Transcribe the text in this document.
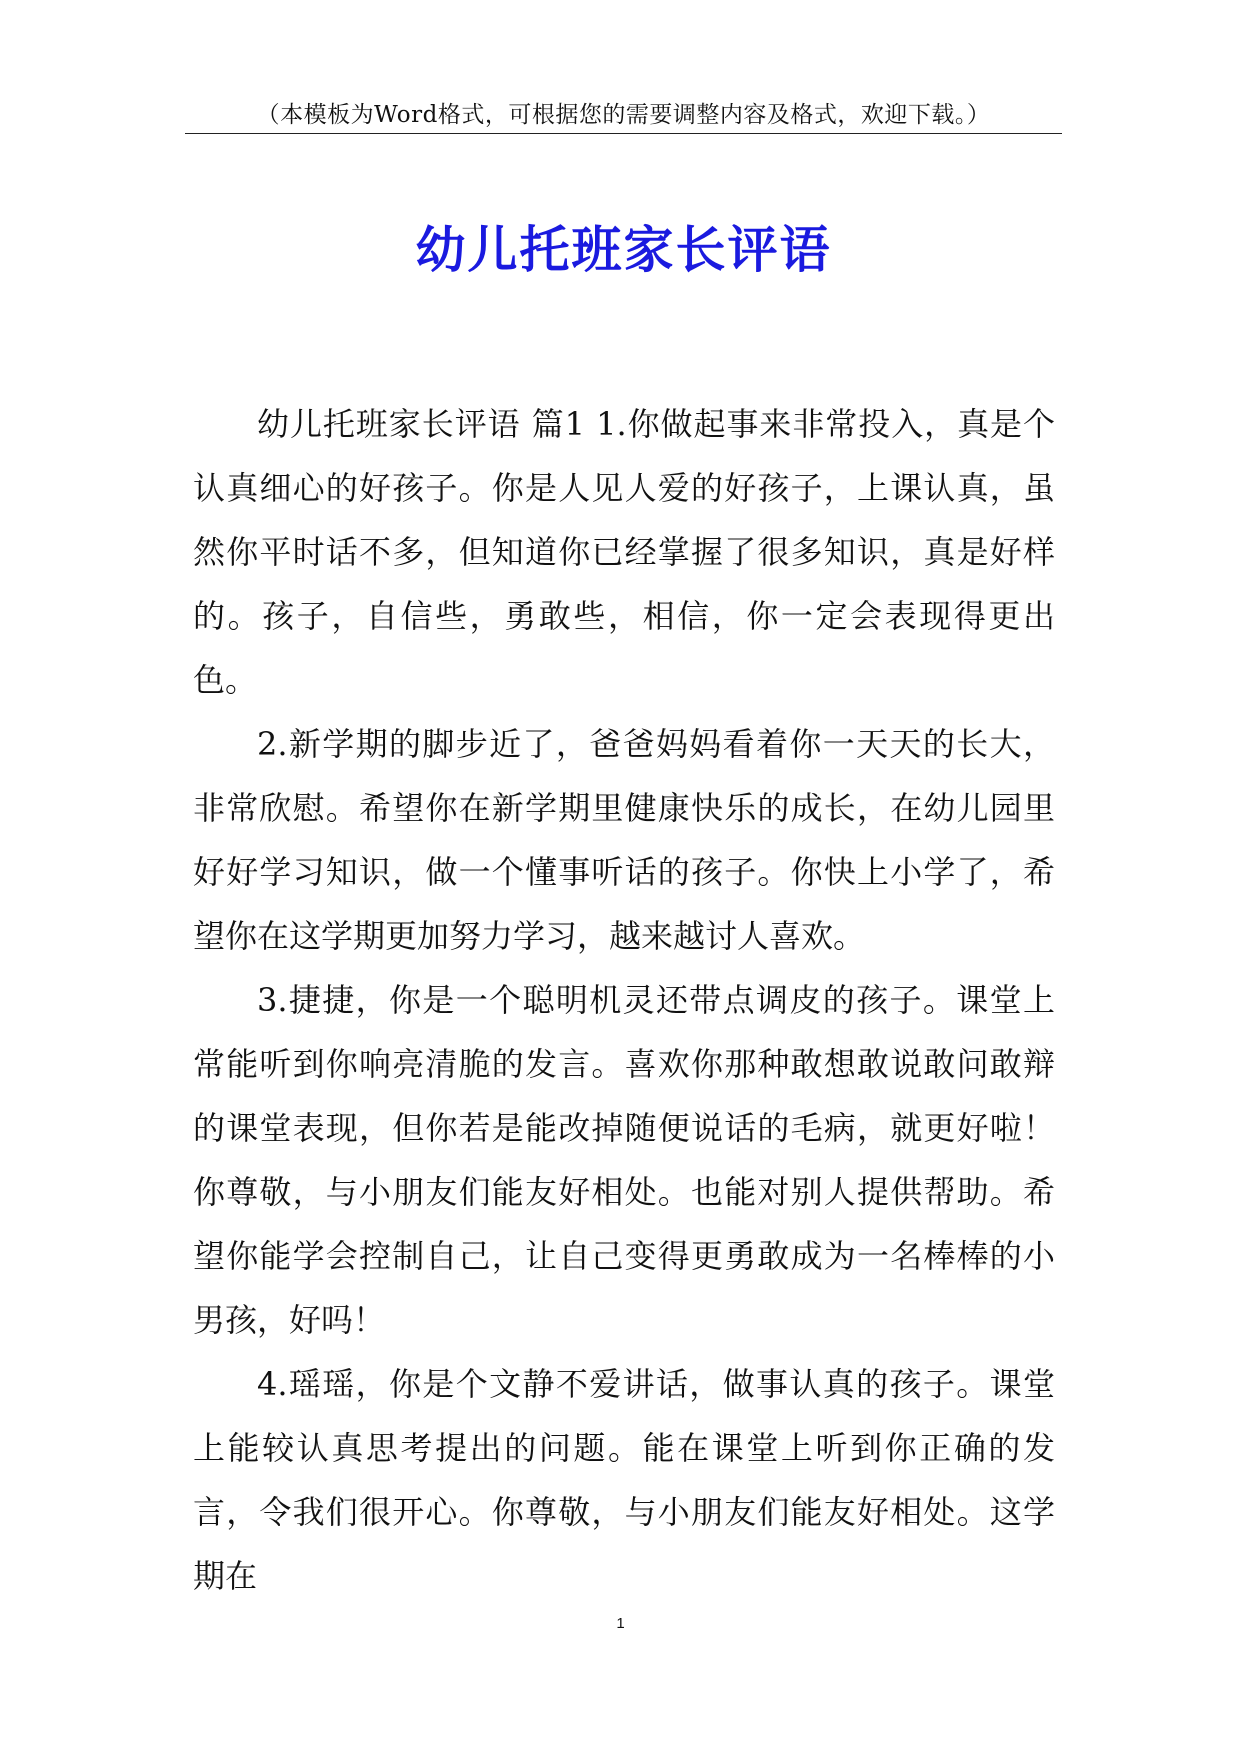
（本模板为Word格式，可根据您的需要调整内容及格式，欢迎下载。）
幼儿托班家长评语

幼儿托班家长评语 篇1 1.你做起事来非常投入，真是个认真细心的好孩子。你是人见人爱的好孩子，上课认真，虽然你平时话不多，但知道你已经掌握了很多知识，真是好样的。孩子，自信些，勇敢些，相信，你一定会表现得更出色。

2.新学期的脚步近了，爸爸妈妈看着你一天天的长大，非常欣慰。希望你在新学期里健康快乐的成长，在幼儿园里好好学习知识，做一个懂事听话的孩子。你快上小学了，希望你在这学期更加努力学习，越来越讨人喜欢。

3.捷捷，你是一个聪明机灵还带点调皮的孩子。课堂上常能听到你响亮清脆的发言。喜欢你那种敢想敢说敢问敢辩的课堂表现，但你若是能改掉随便说话的毛病，就更好啦！你尊敬，与小朋友们能友好相处。也能对别人提供帮助。希望你能学会控制自己，让自己变得更勇敢成为一名棒棒的小男孩，好吗！

4.瑶瑶，你是个文静不爱讲话，做事认真的孩子。课堂上能较认真思考提出的问题。能在课堂上听到你正确的发言，令我们很开心。你尊敬，与小朋友们能友好相处。这学期在

1
